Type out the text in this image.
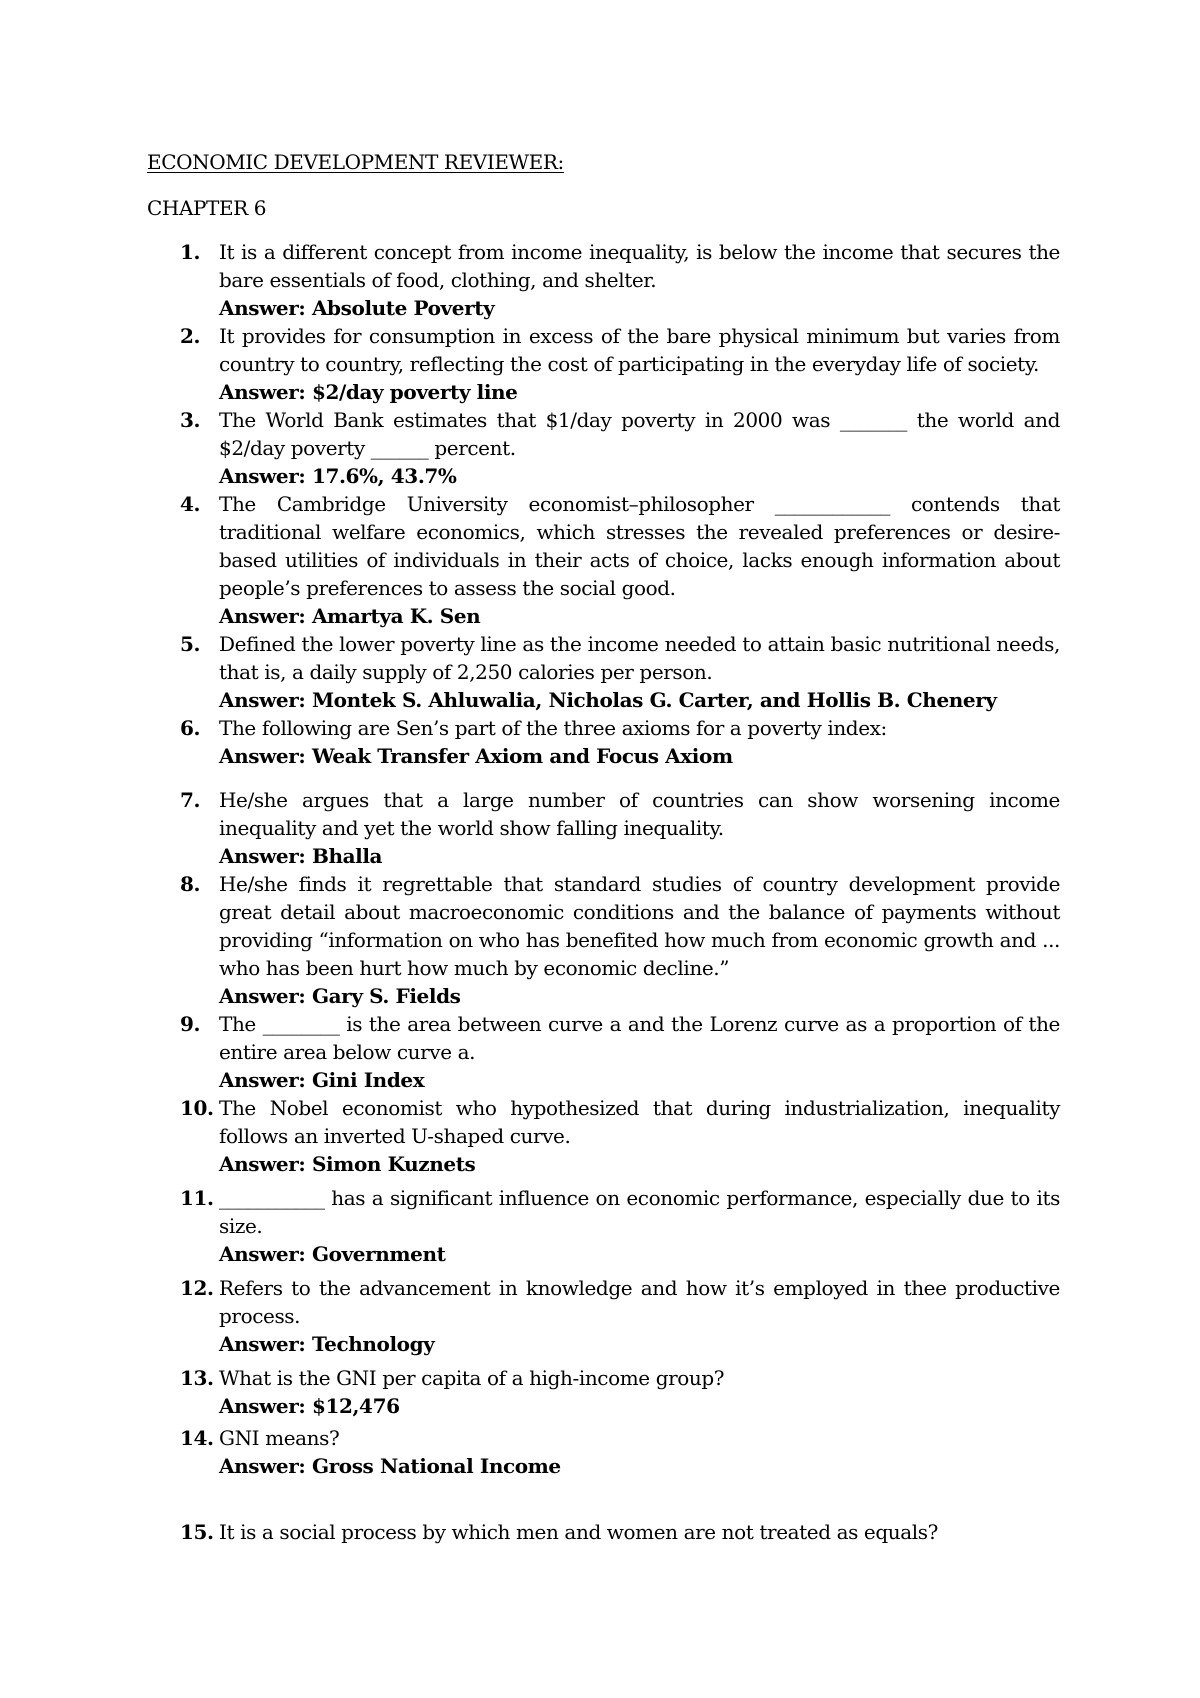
ECONOMIC DEVELOPMENT REVIEWER:
CHAPTER 6
1. It is a different concept from income inequality, is below the income that secures the bare essentials of food, clothing, and shelter.
Answer: Absolute Poverty
2. It provides for consumption in excess of the bare physical minimum but varies from country to country, reflecting the cost of participating in the everyday life of society.
Answer: $2/day poverty line
3. The World Bank estimates that $1/day poverty in 2000 was _______ the world and $2/day poverty ______ percent.
Answer: 17.6%, 43.7%
4. The Cambridge University economist–philosopher ____________ contends that traditional welfare economics, which stresses the revealed preferences or desire-based utilities of individuals in their acts of choice, lacks enough information about people’s preferences to assess the social good.
Answer: Amartya K. Sen
5. Defined the lower poverty line as the income needed to attain basic nutritional needs, that is, a daily supply of 2,250 calories per person.
Answer: Montek S. Ahluwalia, Nicholas G. Carter, and Hollis B. Chenery
6. The following are Sen’s part of the three axioms for a poverty index:
Answer: Weak Transfer Axiom and Focus Axiom
7. He/she argues that a large number of countries can show worsening income inequality and yet the world show falling inequality.
Answer: Bhalla
8. He/she finds it regrettable that standard studies of country development provide great detail about macroeconomic conditions and the balance of payments without providing “information on who has benefited how much from economic growth and ... who has been hurt how much by economic decline.”
Answer: Gary S. Fields
9. The ________ is the area between curve a and the Lorenz curve as a proportion of the entire area below curve a.
Answer: Gini Index
10. The Nobel economist who hypothesized that during industrialization, inequality follows an inverted U-shaped curve.
Answer: Simon Kuznets
11. ___________ has a significant influence on economic performance, especially due to its size.
Answer: Government
12. Refers to the advancement in knowledge and how it’s employed in thee productive process.
Answer: Technology
13. What is the GNI per capita of a high-income group?
Answer: $12,476
14. GNI means?
Answer: Gross National Income
15. It is a social process by which men and women are not treated as equals?
